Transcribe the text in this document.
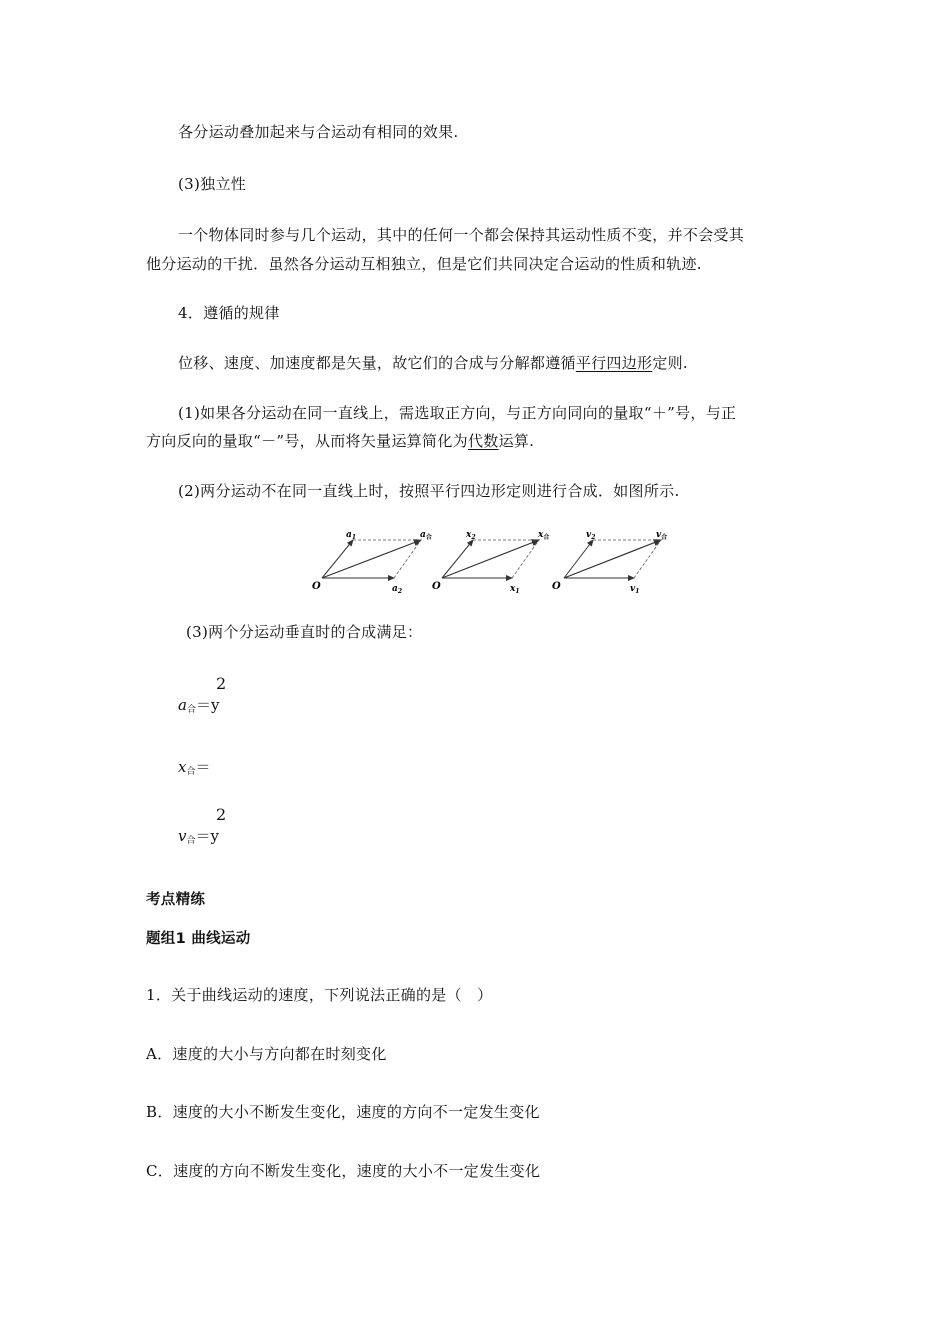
各分运动叠加起来与合运动有相同的效果.
(3)独立性
一个物体同时参与几个运动，其中的任何一个都会保持其运动性质不变，并不会受其
他分运动的干扰．虽然各分运动互相独立，但是它们共同决定合运动的性质和轨迹.
4．遵循的规律
位移、速度、加速度都是矢量，故它们的合成与分解都遵循平行四边形定则.
(1)如果各分运动在同一直线上，需选取正方向，与正方向同向的量取“＋”号，与正
方向反向的量取“－”号，从而将矢量运算简化为代数运算.
(2)两分运动不在同一直线上时，按照平行四边形定则进行合成．如图所示.
O
$a_1$
$a_2$
$a_合$
O
$x_2$
$x_1$
$x_合$
O
$v_2$
$v_1$
$v_合$
(3)两个分运动垂直时的合成满足：
2
$a_合=y$
$x_合=$
2
$v_合=y$
考点精练
题组1 曲线运动
1．关于曲线运动的速度，下列说法正确的是（　）
A．速度的大小与方向都在时刻变化
B．速度的大小不断发生变化，速度的方向不一定发生变化
C．速度的方向不断发生变化，速度的大小不一定发生变化
